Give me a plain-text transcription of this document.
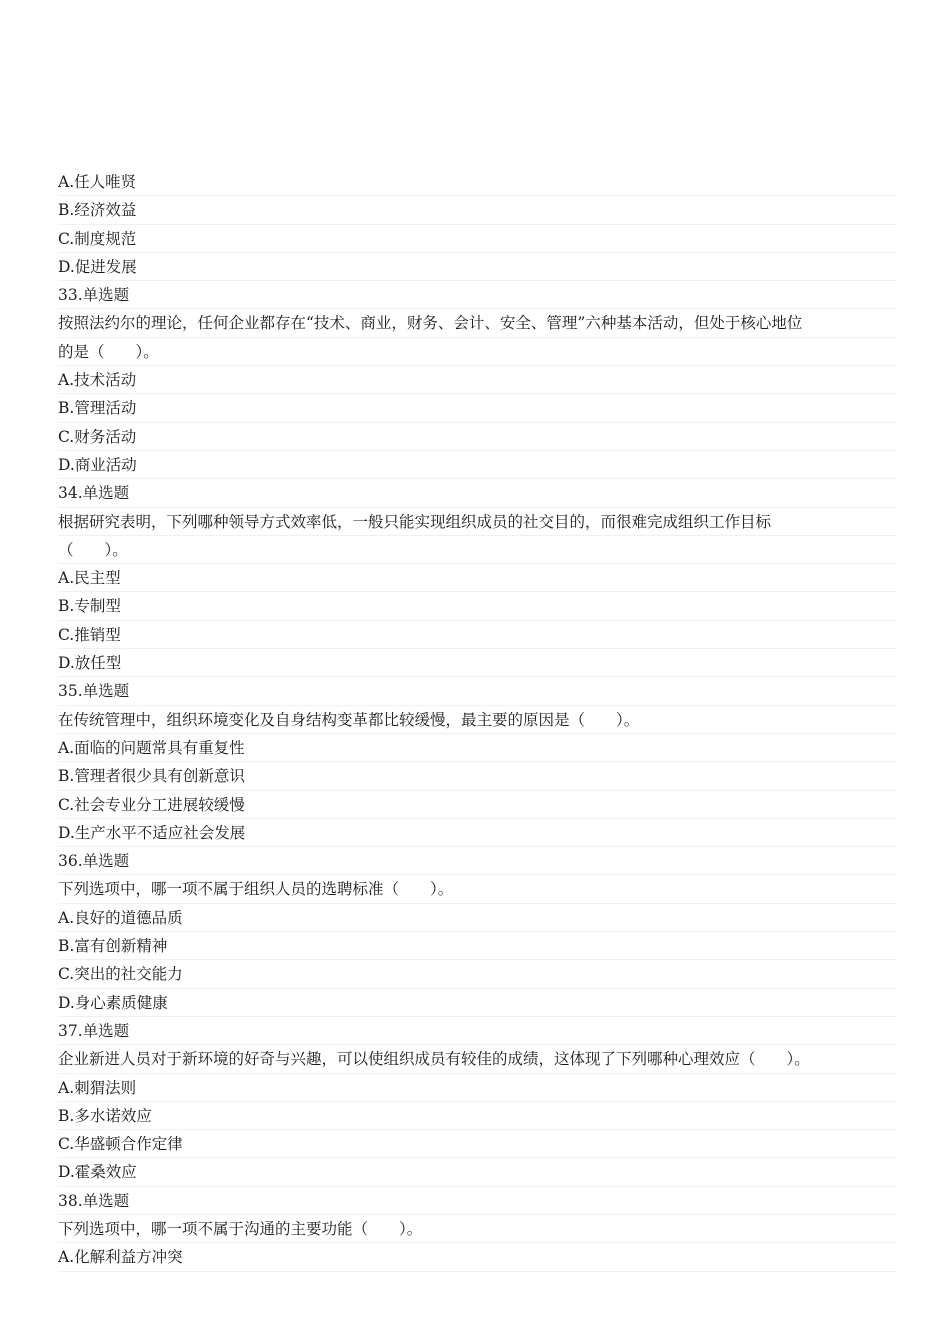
A.任人唯贤
B.经济效益
C.制度规范
D.促进发展
33.单选题
按照法约尔的理论，任何企业都存在“技术、商业，财务、会计、安全、管理”六种基本活动，但处于核心地位
的是（　　）。
A.技术活动
B.管理活动
C.财务活动
D.商业活动
34.单选题
根据研究表明，下列哪种领导方式效率低，一般只能实现组织成员的社交目的，而很难完成组织工作目标
（　　）。
A.民主型
B.专制型
C.推销型
D.放任型
35.单选题
在传统管理中，组织环境变化及自身结构变革都比较缓慢，最主要的原因是（　　）。
A.面临的问题常具有重复性
B.管理者很少具有创新意识
C.社会专业分工进展较缓慢
D.生产水平不适应社会发展
36.单选题
下列选项中，哪一项不属于组织人员的选聘标准（　　）。
A.良好的道德品质
B.富有创新精神
C.突出的社交能力
D.身心素质健康
37.单选题
企业新进人员对于新环境的好奇与兴趣，可以使组织成员有较佳的成绩，这体现了下列哪种心理效应（　　）。
A.刺猬法则
B.多水诺效应
C.华盛顿合作定律
D.霍桑效应
38.单选题
下列选项中，哪一项不属于沟通的主要功能（　　）。
A.化解利益方冲突
